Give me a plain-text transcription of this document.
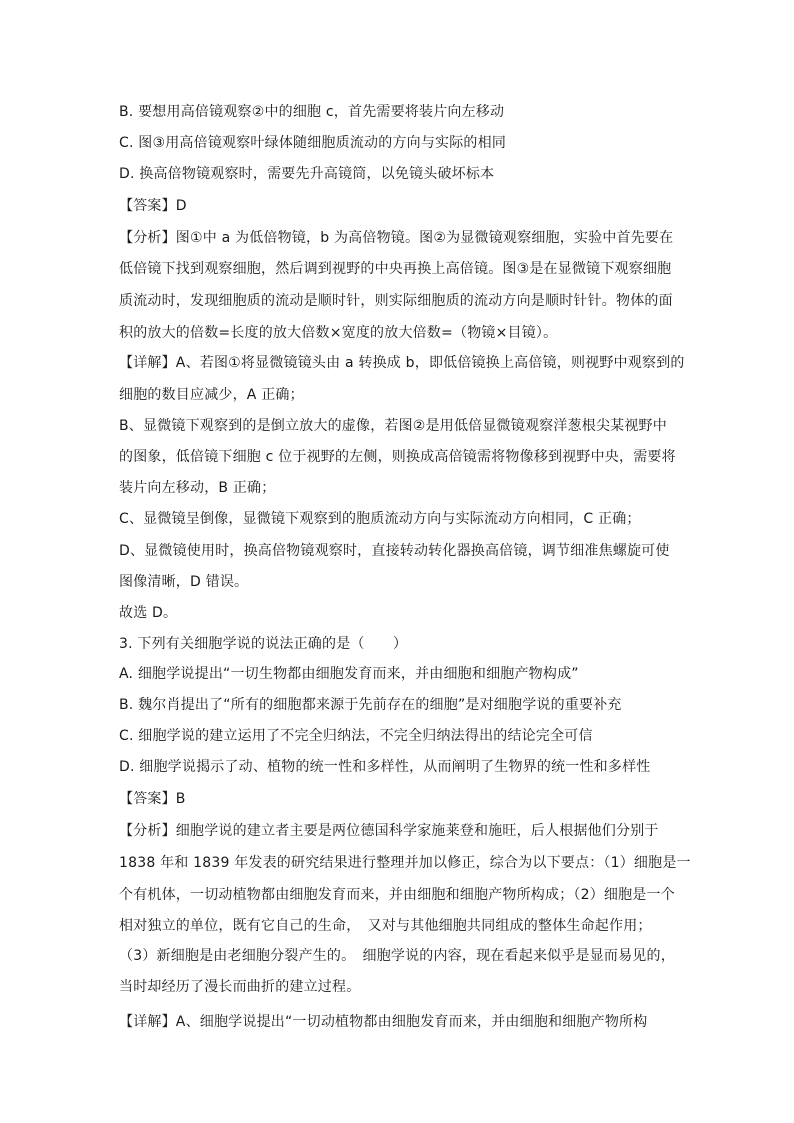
B. 要想用高倍镜观察②中的细胞 c，首先需要将装片向左移动
C. 图③用高倍镜观察叶绿体随细胞质流动的方向与实际的相同
D. 换高倍物镜观察时，需要先升高镜筒，以免镜头破坏标本
【答案】D
【分析】图①中 a 为低倍物镜，b 为高倍物镜。图②为显微镜观察细胞，实验中首先要在
低倍镜下找到观察细胞，然后调到视野的中央再换上高倍镜。图③是在显微镜下观察细胞
质流动时，发现细胞质的流动是顺时针，则实际细胞质的流动方向是顺时针针。物体的面
积的放大的倍数=长度的放大倍数×宽度的放大倍数=（物镜×目镜）。
【详解】A、若图①将显微镜镜头由 a 转换成 b，即低倍镜换上高倍镜，则视野中观察到的
细胞的数目应减少，A 正确；
B、显微镜下观察到的是倒立放大的虚像，若图②是用低倍显微镜观察洋葱根尖某视野中
的图象，低倍镜下细胞 c 位于视野的左侧，则换成高倍镜需将物像移到视野中央，需要将
装片向左移动，B 正确；
C、显微镜呈倒像，显微镜下观察到的胞质流动方向与实际流动方向相同，C 正确；
D、显微镜使用时，换高倍物镜观察时，直接转动转化器换高倍镜，调节细准焦螺旋可使
图像清晰，D 错误。
故选 D。
3. 下列有关细胞学说的说法正确的是（　　）
A. 细胞学说提出“一切生物都由细胞发育而来，并由细胞和细胞产物构成”
B. 魏尔肖提出了“所有的细胞都来源于先前存在的细胞”是对细胞学说的重要补充
C. 细胞学说的建立运用了不完全归纳法，不完全归纳法得出的结论完全可信
D. 细胞学说揭示了动、植物的统一性和多样性，从而阐明了生物界的统一性和多样性
【答案】B
【分析】细胞学说的建立者主要是两位德国科学家施莱登和施旺，后人根据他们分别于
1838 年和 1839 年发表的研究结果进行整理并加以修正，综合为以下要点：（1）细胞是一
个有机体，一切动植物都由细胞发育而来，并由细胞和细胞产物所构成；（2）细胞是一个
相对独立的单位，既有它自己的生命，　又对与其他细胞共同组成的整体生命起作用；
（3）新细胞是由老细胞分裂产生的。　细胞学说的内容，现在看起来似乎是显而易见的，
当时却经历了漫长而曲折的建立过程。
【详解】A、细胞学说提出“一切动植物都由细胞发育而来，并由细胞和细胞产物所构
